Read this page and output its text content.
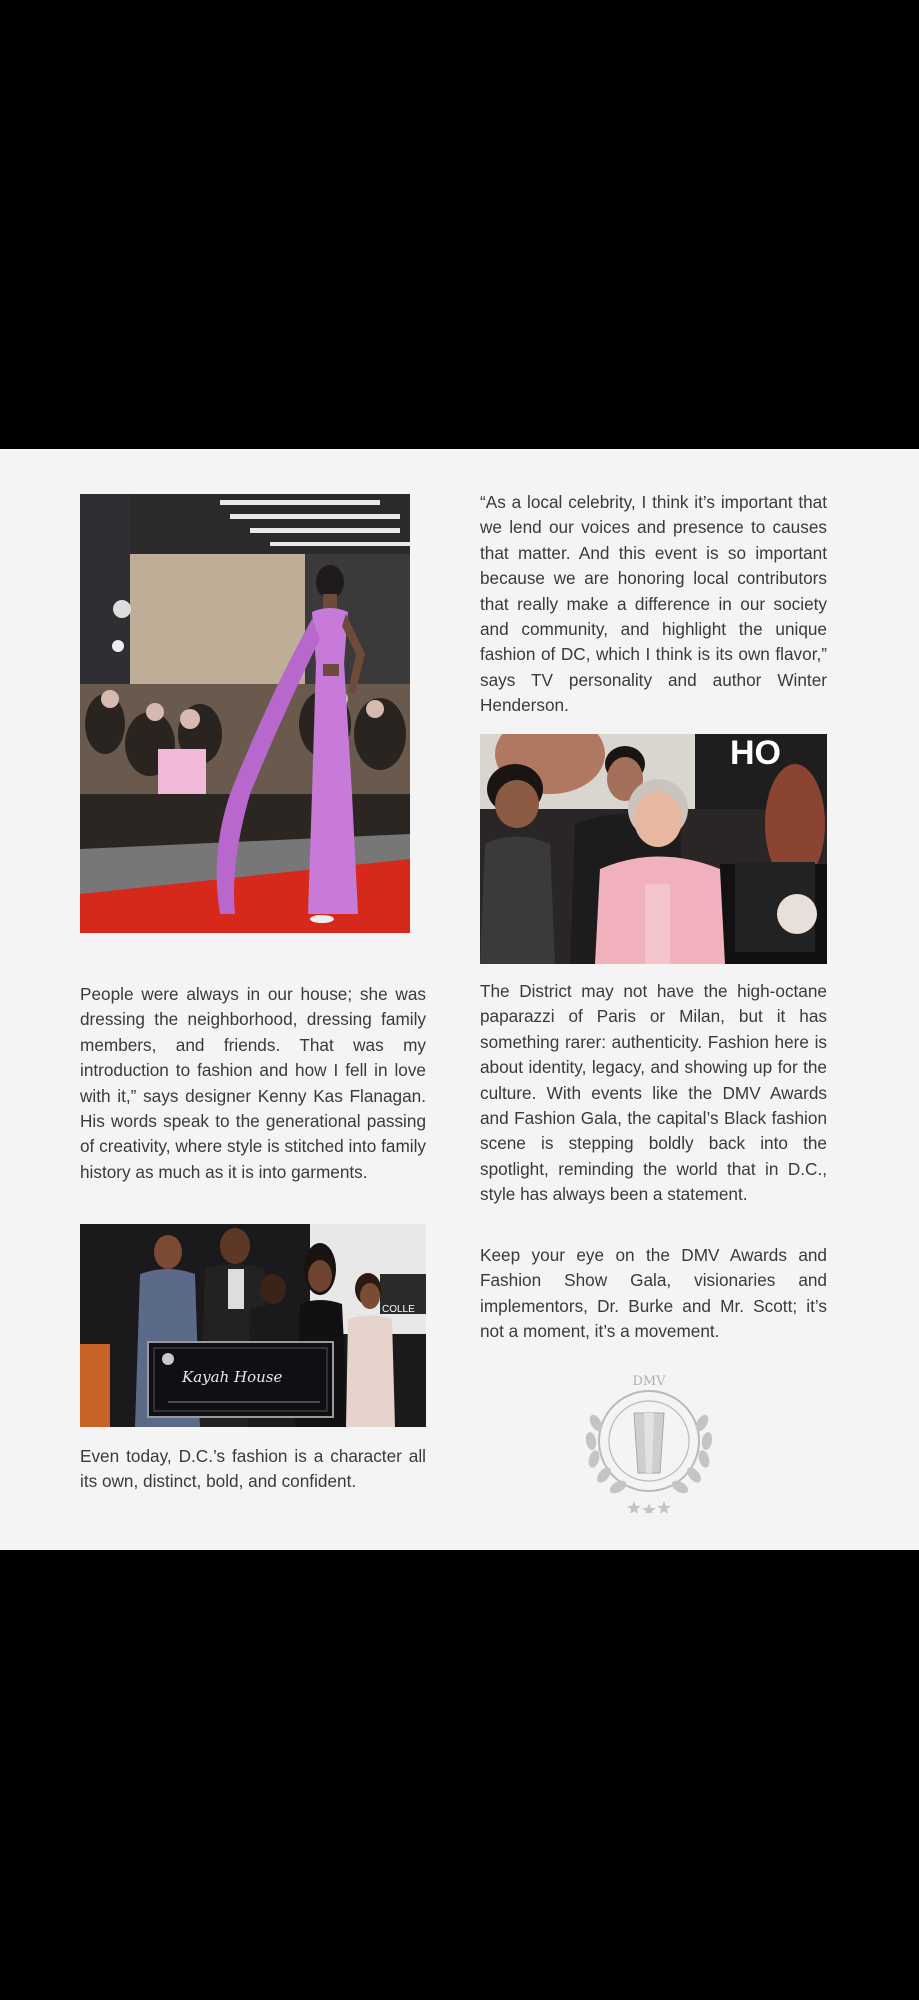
“As a local celebrity, I think it’s important that we lend our voices and presence to causes that matter. And this event is so important because we are honoring local contributors that really make a difference in our society and community, and highlight the unique fashion of DC, which I think is its own flavor,” says TV personality and author Winter Henderson.

HO

People were always in our house; she was dressing the neighborhood, dressing family members, and friends. That was my introduction to fashion and how I fell in love with it,” says designer Kenny Kas Flanagan. His words speak to the generational passing of creativity, where style is stitched into family history as much as it is into garments.

The District may not have the high-octane paparazzi of Paris or Milan, but it has something rarer: authenticity. Fashion here is about identity, legacy, and showing up for the culture. With events like the DMV Awards and Fashion Gala, the capital’s Black fashion scene is stepping boldly back into the spotlight, reminding the world that in D.C., style has always been a statement.

Keep your eye on the DMV Awards and Fashion Show Gala, visionaries and implementors, Dr. Burke and Mr. Scott; it’s not a moment, it’s a movement.

COLLE
Kayah House

Even today, D.C.’s fashion is a character all its own, distinct, bold, and confident.

DMV
